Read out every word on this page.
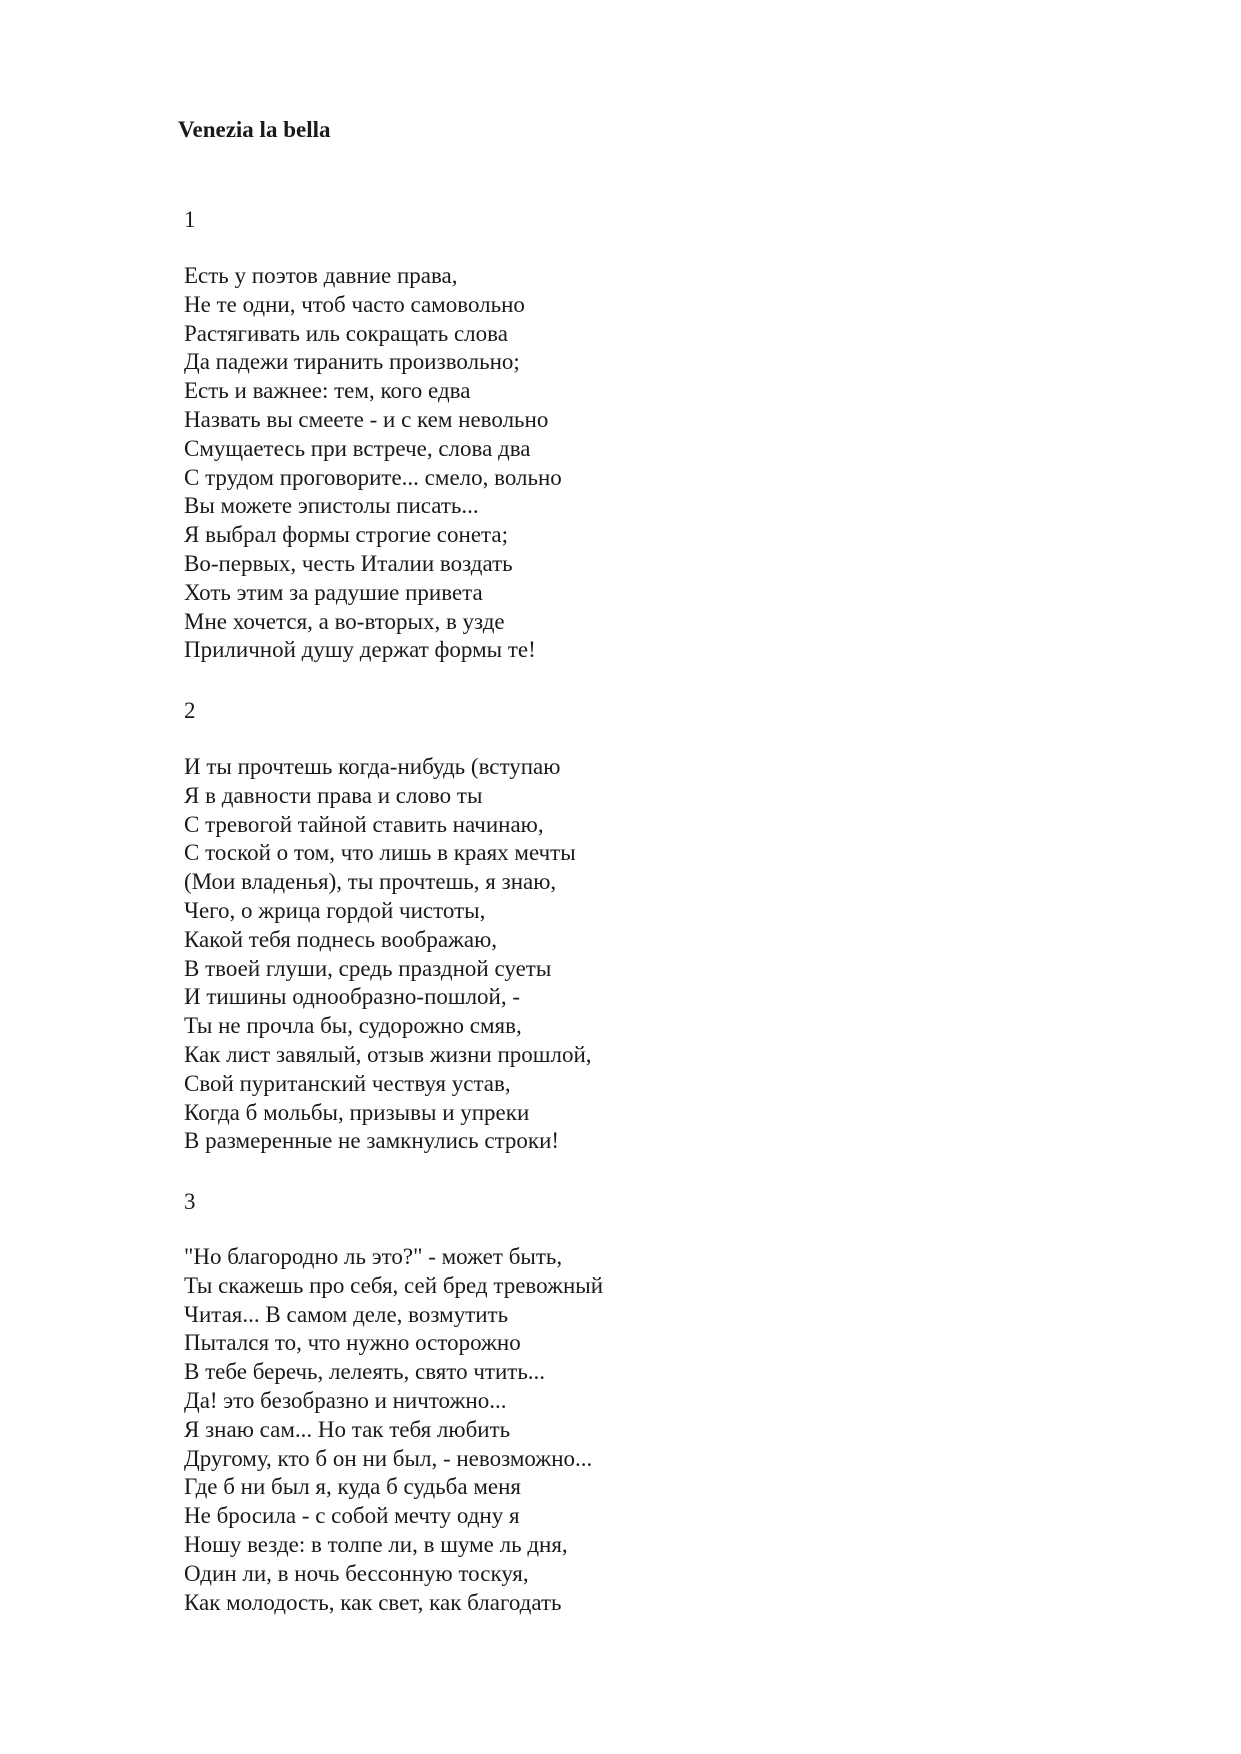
Venezia la bella
1
Есть у поэтов давние права,
Не те одни, чтоб часто самовольно
Растягивать иль сокращать слова
Да падежи тиранить произвольно;
Есть и важнее: тем, кого едва
Назвать вы смеете - и с кем невольно
Смущаетесь при встрече, слова два
С трудом проговорите... смело, вольно
Вы можете эпистолы писать...
Я выбрал формы строгие сонета;
Во-первых, честь Италии воздать
Хоть этим за радушие привета
Мне хочется, а во-вторых, в узде
Приличной душу держат формы те!
2
И ты прочтешь когда-нибудь (вступаю
Я в давности права и слово ты
С тревогой тайной ставить начинаю,
С тоской о том, что лишь в краях мечты
(Мои владенья), ты прочтешь, я знаю,
Чего, о жрица гордой чистоты,
Какой тебя поднесь воображаю,
В твоей глуши, средь праздной суеты
И тишины однообразно-пошлой, -
Ты не прочла бы, судорожно смяв,
Как лист завялый, отзыв жизни прошлой,
Свой пуританский чествуя устав,
Когда б мольбы, призывы и упреки
В размеренные не замкнулись строки!
3
"Но благородно ль это?" - может быть,
Ты скажешь про себя, сей бред тревожный
Читая... В самом деле, возмутить
Пытался то, что нужно осторожно
В тебе беречь, лелеять, свято чтить...
Да! это безобразно и ничтожно...
Я знаю сам... Но так тебя любить
Другому, кто б он ни был, - невозможно...
Где б ни был я, куда б судьба меня
Не бросила - с собой мечту одну я
Ношу везде: в толпе ли, в шуме ль дня,
Один ли, в ночь бессонную тоскуя,
Как молодость, как свет, как благодать
